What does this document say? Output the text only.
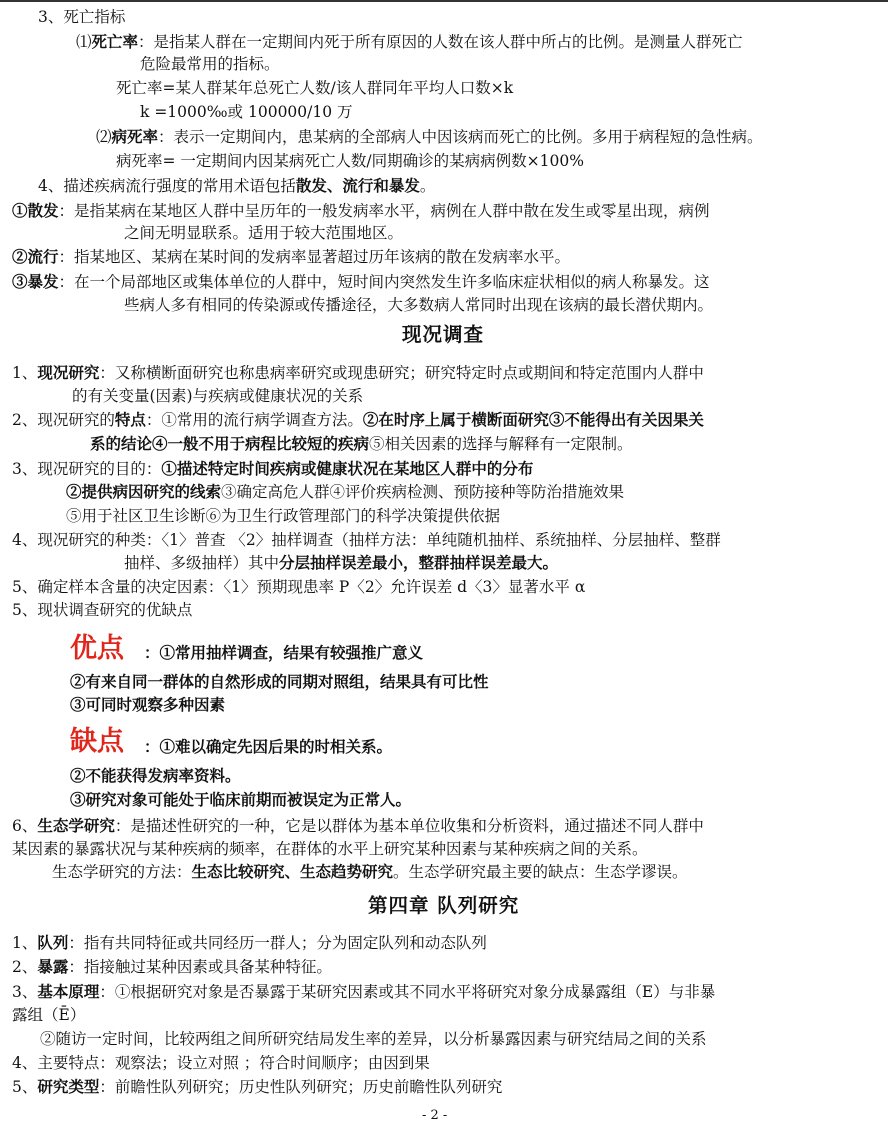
3、死亡指标
⑴死亡率：是指某人群在一定期间内死于所有原因的人数在该人群中所占的比例。是测量人群死亡
危险最常用的指标。
死亡率=某人群某年总死亡人数/该人群同年平均人口数×k
k =1000‰或 100000/10 万
⑵病死率：表示一定期间内，患某病的全部病人中因该病而死亡的比例。多用于病程短的急性病。
病死率= 一定期间内因某病死亡人数/同期确诊的某病病例数×100%
4、描述疾病流行强度的常用术语包括散发、流行和暴发。
①散发：是指某病在某地区人群中呈历年的一般发病率水平，病例在人群中散在发生或零星出现，病例
之间无明显联系。适用于较大范围地区。
②流行：指某地区、某病在某时间的发病率显著超过历年该病的散在发病率水平。
③暴发：在一个局部地区或集体单位的人群中，短时间内突然发生许多临床症状相似的病人称暴发。这
些病人多有相同的传染源或传播途径，大多数病人常同时出现在该病的最长潜伏期内。
现况调查
1、现况研究：又称横断面研究也称患病率研究或现患研究；研究特定时点或期间和特定范围内人群中
的有关变量(因素)与疾病或健康状况的关系
2、现况研究的特点：①常用的流行病学调查方法。②在时序上属于横断面研究③不能得出有关因果关
系的结论④一般不用于病程比较短的疾病⑤相关因素的选择与解释有一定限制。
3、现况研究的目的：①描述特定时间疾病或健康状况在某地区人群中的分布
②提供病因研究的线索③确定高危人群④评价疾病检测、预防接种等防治措施效果
⑤用于社区卫生诊断⑥为卫生行政管理部门的科学决策提供依据
4、现况研究的种类：〈1〉普查 〈2〉抽样调查（抽样方法：单纯随机抽样、系统抽样、分层抽样、整群
抽样、多级抽样）其中分层抽样误差最小，整群抽样误差最大。
5、确定样本含量的决定因素：〈1〉预期现患率 P〈2〉允许误差 d〈3〉显著水平 α
5、现状调查研究的优缺点
优点 ：①常用抽样调查，结果有较强推广意义
②有来自同一群体的自然形成的同期对照组，结果具有可比性
③可同时观察多种因素
缺点 ：①难以确定先因后果的时相关系。
②不能获得发病率资料。
③研究对象可能处于临床前期而被误定为正常人。
6、生态学研究：是描述性研究的一种，它是以群体为基本单位收集和分析资料，通过描述不同人群中
某因素的暴露状况与某种疾病的频率，在群体的水平上研究某种因素与某种疾病之间的关系。
生态学研究的方法：生态比较研究、生态趋势研究。生态学研究最主要的缺点：生态学谬误。
第四章 队列研究
1、队列：指有共同特征或共同经历一群人；分为固定队列和动态队列
2、暴露：指接触过某种因素或具备某种特征。
3、基本原理：①根据研究对象是否暴露于某研究因素或其不同水平将研究对象分成暴露组（E）与非暴
露组（Ē）
②随访一定时间，比较两组之间所研究结局发生率的差异，以分析暴露因素与研究结局之间的关系
4、主要特点：观察法；设立对照 ；符合时间顺序；由因到果
5、研究类型：前瞻性队列研究；历史性队列研究；历史前瞻性队列研究
- 2 -
